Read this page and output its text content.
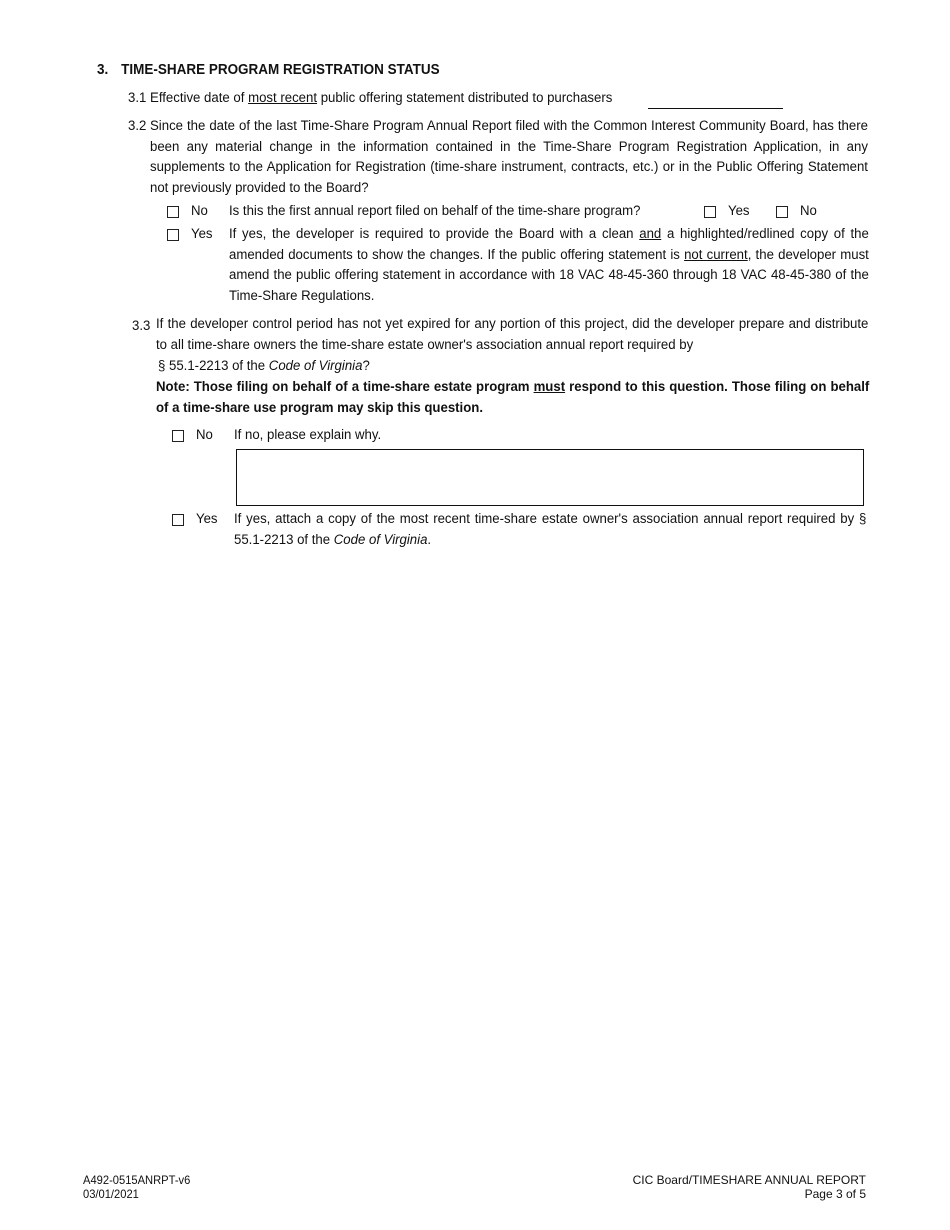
3. TIME-SHARE PROGRAM REGISTRATION STATUS
3.1 Effective date of most recent public offering statement distributed to purchasers
3.2 Since the date of the last Time-Share Program Annual Report filed with the Common Interest Community Board, has there been any material change in the information contained in the Time-Share Program Registration Application, in any supplements to the Application for Registration (time-share instrument, contracts, etc.) or in the Public Offering Statement not previously provided to the Board?
No Is this the first annual report filed on behalf of the time-share program?	Yes	No
Yes If yes, the developer is required to provide the Board with a clean and a highlighted/redlined copy of the amended documents to show the changes. If the public offering statement is not current, the developer must amend the public offering statement in accordance with 18 VAC 48-45-360 through 18 VAC 48-45-380 of the Time-Share Regulations.
3.3 If the developer control period has not yet expired for any portion of this project, did the developer prepare and distribute to all time-share owners the time-share estate owner's association annual report required by
§ 55.1-2213 of the Code of Virginia?
Note: Those filing on behalf of a time-share estate program must respond to this question. Those filing on behalf of a time-share use program may skip this question.
No If no, please explain why.
Yes If yes, attach a copy of the most recent time-share estate owner's association annual report required by § 55.1-2213 of the Code of Virginia.
A492-0515ANRPT-v6
03/01/2021
CIC Board/TIMESHARE ANNUAL REPORT
Page 3 of 5
